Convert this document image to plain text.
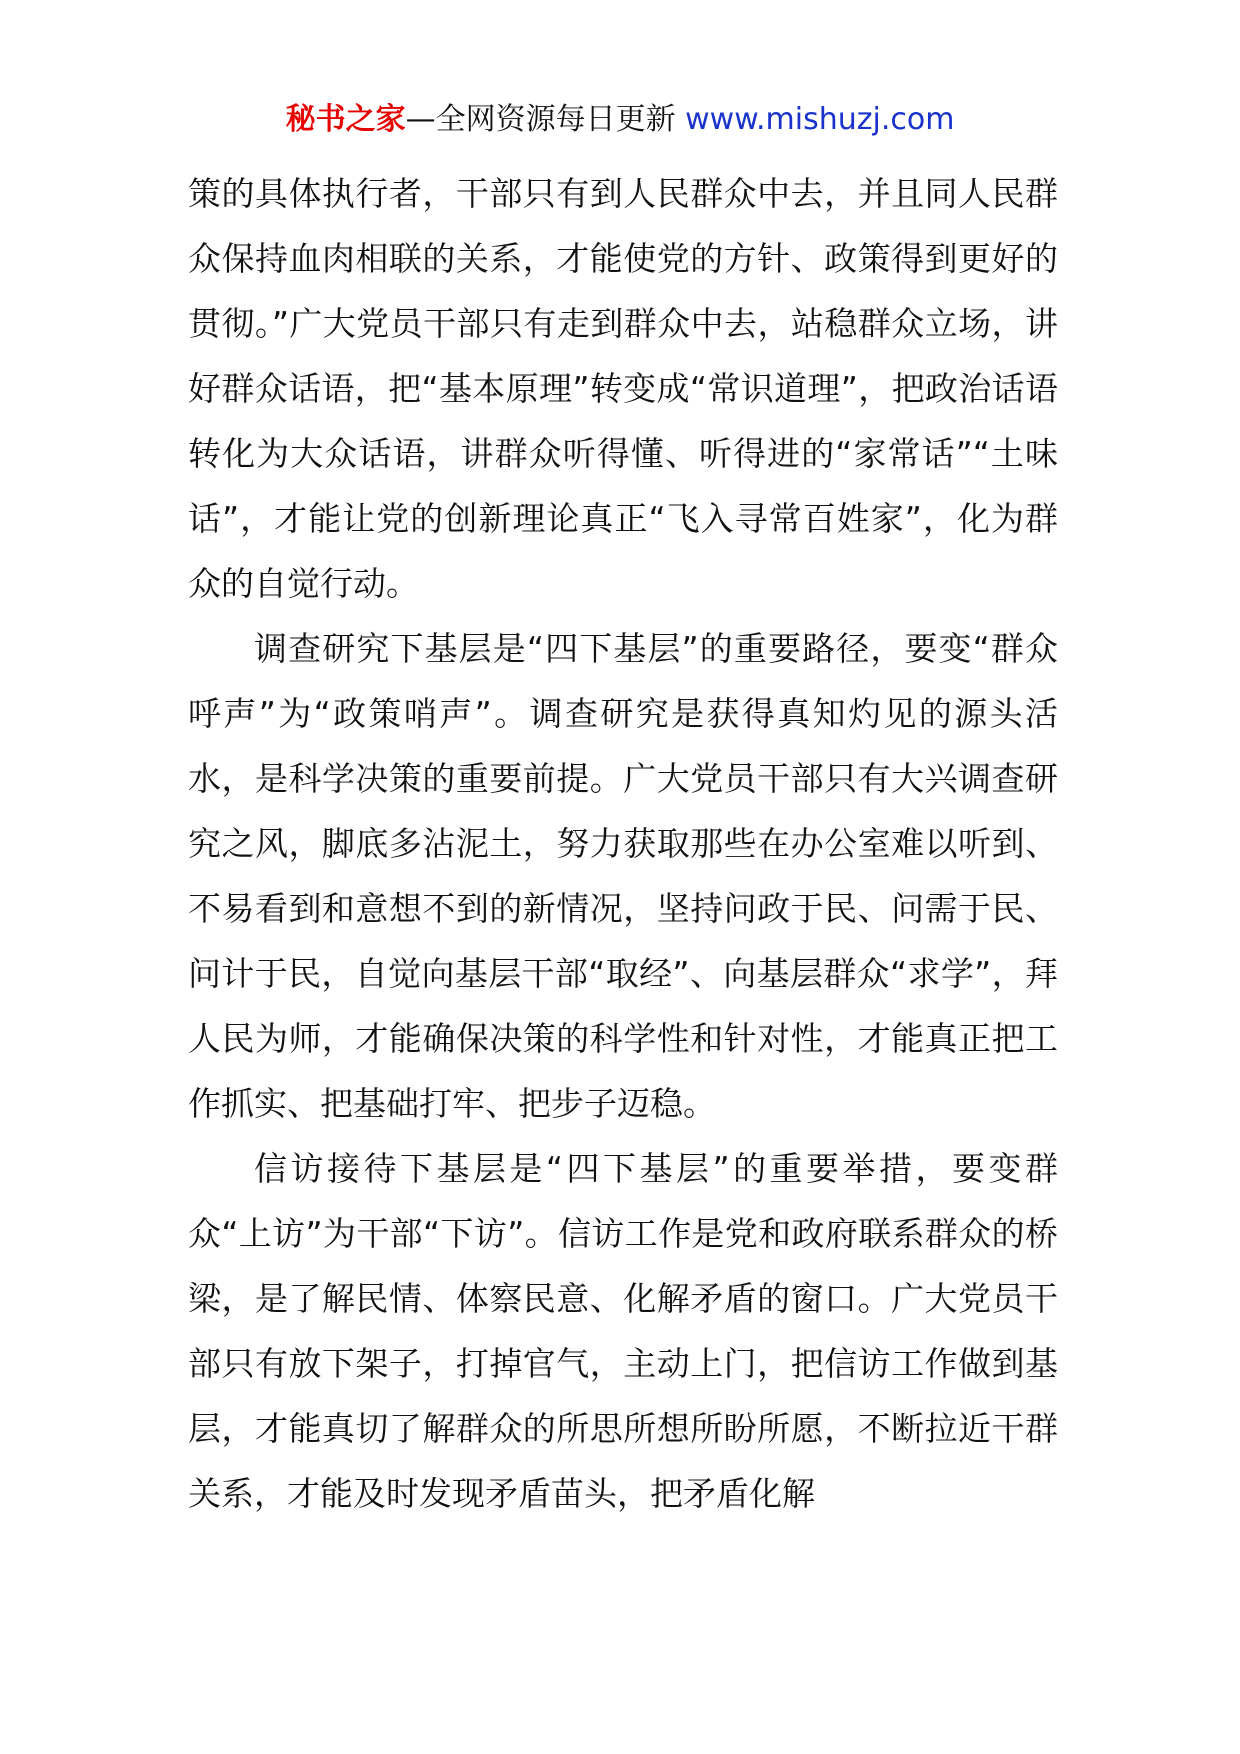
秘书之家—全网资源每日更新 www.mishuzj.com

策的具体执行者，干部只有到人民群众中去，并且同人民群众保持血肉相联的关系，才能使党的方针、政策得到更好的贯彻。”广大党员干部只有走到群众中去，站稳群众立场，讲好群众话语，把“基本原理”转变成“常识道理”，把政治话语转化为大众话语，讲群众听得懂、听得进的“家常话”“土味话”，才能让党的创新理论真正“飞入寻常百姓家”，化为群众的自觉行动。

调查研究下基层是“四下基层”的重要路径，要变“群众呼声”为“政策哨声”。调查研究是获得真知灼见的源头活水，是科学决策的重要前提。广大党员干部只有大兴调查研究之风，脚底多沾泥土，努力获取那些在办公室难以听到、不易看到和意想不到的新情况，坚持问政于民、问需于民、问计于民，自觉向基层干部“取经”、向基层群众“求学”，拜人民为师，才能确保决策的科学性和针对性，才能真正把工作抓实、把基础打牢、把步子迈稳。

信访接待下基层是“四下基层”的重要举措，要变群众“上访”为干部“下访”。信访工作是党和政府联系群众的桥梁，是了解民情、体察民意、化解矛盾的窗口。广大党员干部只有放下架子，打掉官气，主动上门，把信访工作做到基层，才能真切了解群众的所思所想所盼所愿，不断拉近干群关系，才能及时发现矛盾苗头，把矛盾化解
